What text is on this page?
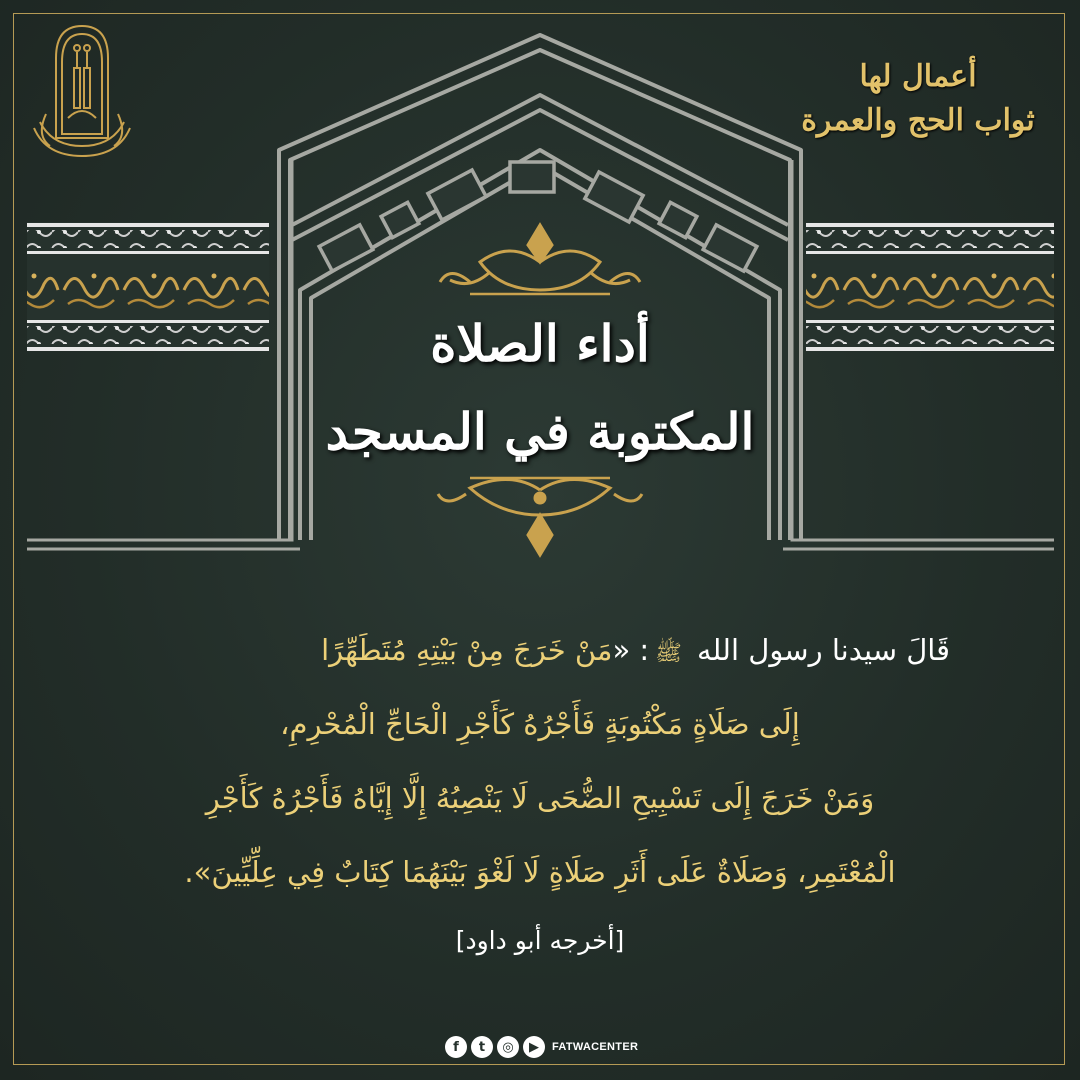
أعمال لها
ثواب الحج والعمرة
أداء الصلاة
المكتوبة في المسجد
قَالَ سيدنا رسول الله ﷺ: «مَنْ خَرَجَ مِنْ بَيْتِهِ مُتَطَهِّرًا
إِلَى صَلَاةٍ مَكْتُوبَةٍ فَأَجْرُهُ كَأَجْرِ الْحَاجِّ الْمُحْرِمِ،
وَمَنْ خَرَجَ إِلَى تَسْبِيحِ الضُّحَى لَا يَنْصِبُهُ إِلَّا إِيَّاهُ فَأَجْرُهُ كَأَجْرِ
الْمُعْتَمِرِ، وَصَلَاةٌ عَلَى أَثَرِ صَلَاةٍ لَا لَغْوَ بَيْنَهُمَا كِتَابٌ فِي عِلِّيِّينَ».
[أخرجه أبو داود]
f	t	◎	▶	FATWACENTER
